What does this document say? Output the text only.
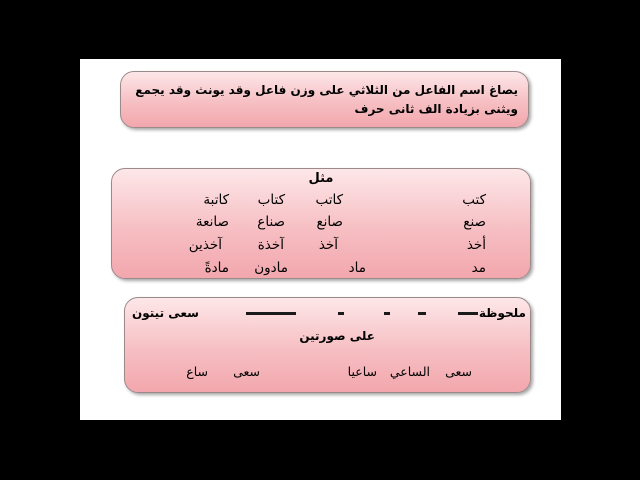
يصاغ اسم الفاعل من الثلاثي على وزن فاعل وقد يونث وقد يجمع ويثنى بزيادة الف ثانى حرف
مثل
كتب
كاتب
كتاب
كاتبة
صنع
صانع
صناع
صانعة
أخذ
آخذ
آخذة
آخذين
مد
ماد
مادون
مادةً
ملحوظة
سعى تيتون
على صورتين
سعى
الساعي
ساعيا
سعى
ساع
